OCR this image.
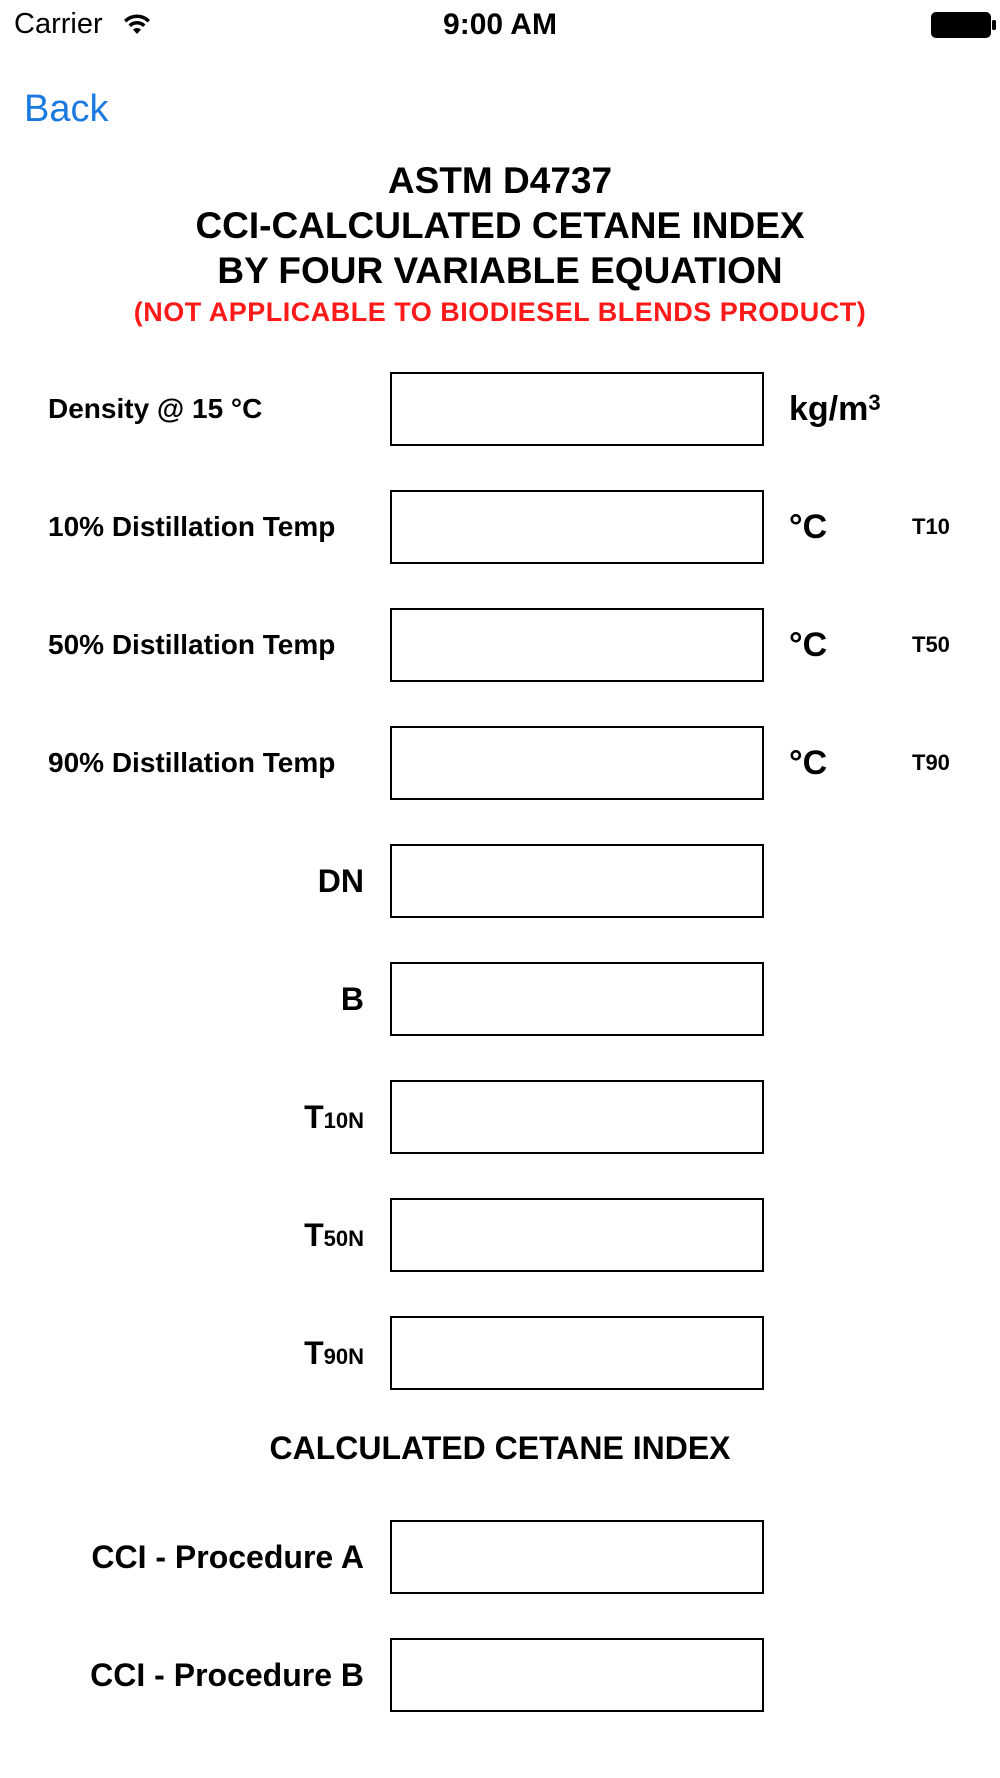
Carrier	9:00 AM
Back
ASTM D4737
CCI-CALCULATED CETANE INDEX
BY FOUR VARIABLE EQUATION
(NOT APPLICABLE TO BIODIESEL BLENDS PRODUCT)
Density @ 15 °C	$kg/m^3$
10% Distillation Temp	°C	T10
50% Distillation Temp	°C	T50
90% Distillation Temp	°C	T90
DN
B
T 10N
T 50N
T 90N
CALCULATED CETANE INDEX
CCI - Procedure A
CCI - Procedure B
